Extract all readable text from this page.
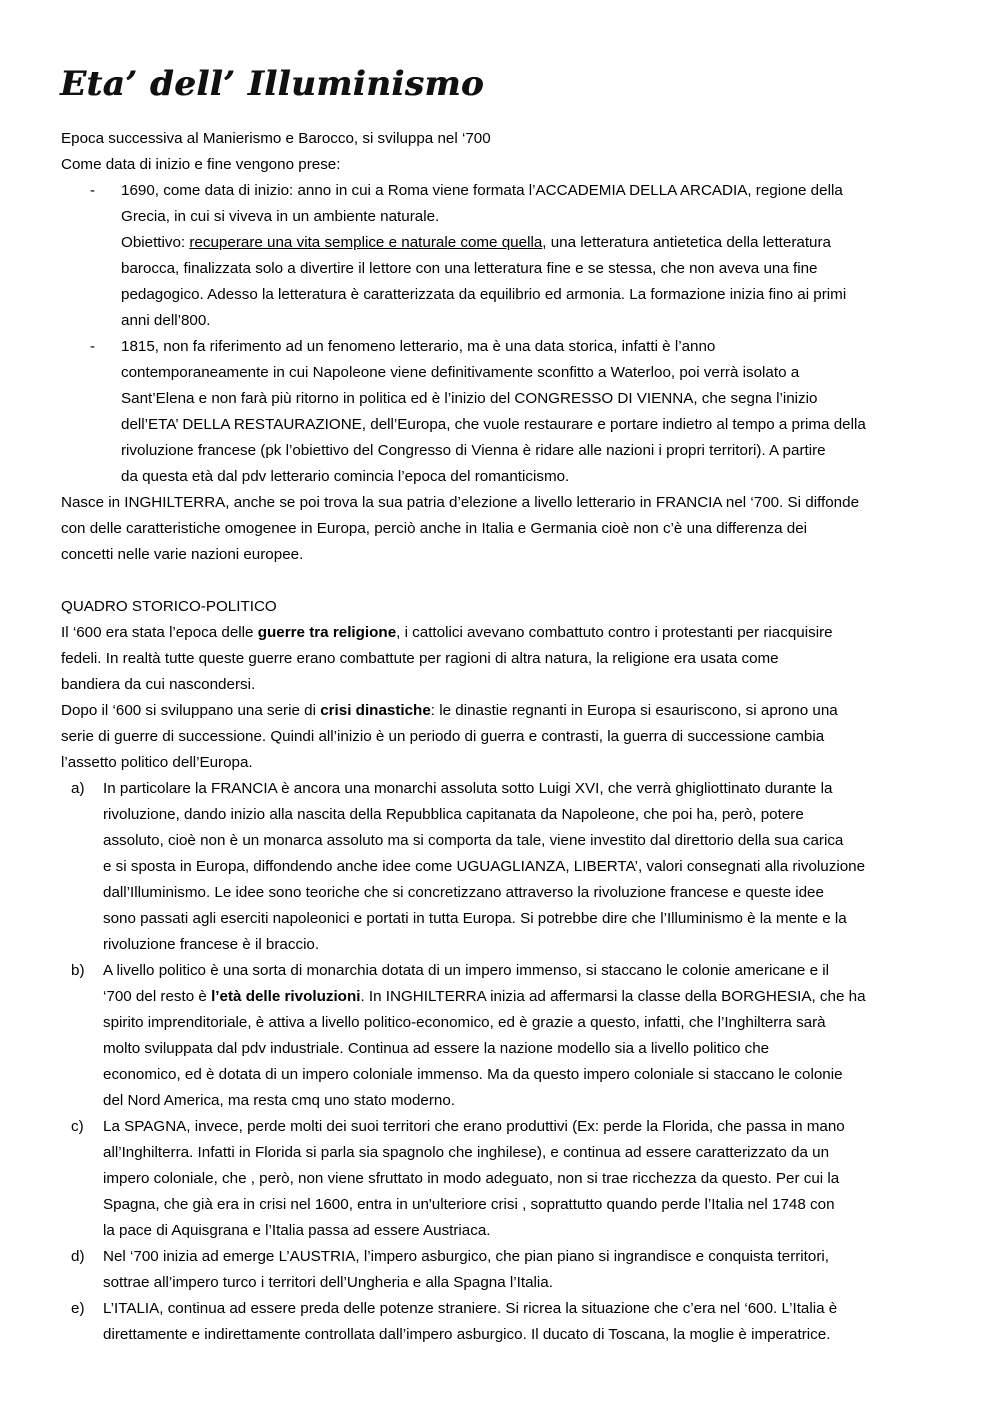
Eta’ dell’ Illuminismo

Epoca successiva al Manierismo e Barocco, si sviluppa nel ‘700

Come data di inizio e fine vengono prese:

- 1690, come data di inizio: anno in cui a Roma viene formata l’ACCADEMIA DELLA ARCADIA, regione della
Grecia, in cui si viveva in un ambiente naturale.
Obiettivo: recuperare una vita semplice e naturale come quella, una letteratura antietetica della letteratura
barocca, finalizzata solo a divertire il lettore con una letteratura fine e se stessa, che non aveva una fine
pedagogico. Adesso la letteratura è caratterizzata da equilibrio ed armonia. La formazione inizia fino ai primi
anni dell’800.
- 1815, non fa riferimento ad un fenomeno letterario, ma è una data storica, infatti è l’anno
contemporaneamente in cui Napoleone viene definitivamente sconfitto a Waterloo, poi verrà isolato a
Sant’Elena e non farà più ritorno in politica ed è l’inizio del CONGRESSO DI VIENNA, che segna l’inizio
dell’ETA’ DELLA RESTAURAZIONE, dell’Europa, che vuole restaurare e portare indietro al tempo a prima della
rivoluzione francese (pk l’obiettivo del Congresso di Vienna è ridare alle nazioni i propri territori). A partire
da questa età dal pdv letterario comincia l’epoca del romanticismo.

Nasce in INGHILTERRA, anche se poi trova la sua patria d’elezione a livello letterario in FRANCIA nel ‘700. Si diffonde

con delle caratteristiche omogenee in Europa, perciò anche in Italia e Germania cioè non c’è una differenza dei

concetti nelle varie nazioni europee.

QUADRO STORICO-POLITICO

Il ‘600 era stata l’epoca delle guerre tra religione, i cattolici avevano combattuto contro i protestanti per riacquisire

fedeli. In realtà tutte queste guerre erano combattute per ragioni di altra natura, la religione era usata come

bandiera da cui nascondersi.

Dopo il ‘600 si sviluppano una serie di crisi dinastiche: le dinastie regnanti in Europa si esauriscono, si aprono una

serie di guerre di successione. Quindi all’inizio è un periodo di guerra e contrasti, la guerra di successione cambia

l’assetto politico dell’Europa.

a) In particolare la FRANCIA è ancora una monarchi assoluta sotto Luigi XVI, che verrà ghigliottinato durante la
rivoluzione, dando inizio alla nascita della Repubblica capitanata da Napoleone, che poi ha, però, potere
assoluto, cioè non è un monarca assoluto ma si comporta da tale, viene investito dal direttorio della sua carica
e si sposta in Europa, diffondendo anche idee come UGUAGLIANZA, LIBERTA’, valori consegnati alla rivoluzione
dall’Illuminismo. Le idee sono teoriche che si concretizzano attraverso la rivoluzione francese e queste idee
sono passati agli eserciti napoleonici e portati in tutta Europa. Si potrebbe dire che l’Illuminismo è la mente e la
rivoluzione francese è il braccio.
b) A livello politico è una sorta di monarchia dotata di un impero immenso, si staccano le colonie americane e il
‘700 del resto è l’età delle rivoluzioni. In INGHILTERRA inizia ad affermarsi la classe della BORGHESIA, che ha
spirito imprenditoriale, è attiva a livello politico-economico, ed è grazie a questo, infatti, che l’Inghilterra sarà
molto sviluppata dal pdv industriale. Continua ad essere la nazione modello sia a livello politico che
economico, ed è dotata di un impero coloniale immenso. Ma da questo impero coloniale si staccano le colonie
del Nord America, ma resta cmq uno stato moderno.
c) La SPAGNA, invece, perde molti dei suoi territori che erano produttivi (Ex: perde la Florida, che passa in mano
all’Inghilterra. Infatti in Florida si parla sia spagnolo che inghilese), e continua ad essere caratterizzato da un
impero coloniale, che , però, non viene sfruttato in modo adeguato, non si trae ricchezza da questo. Per cui la
Spagna, che già era in crisi nel 1600, entra in un'ulteriore crisi , soprattutto quando perde l’Italia nel 1748 con
la pace di Aquisgrana e l’Italia passa ad essere Austriaca.
d) Nel ‘700 inizia ad emerge L’AUSTRIA, l’impero asburgico, che pian piano si ingrandisce e conquista territori,
sottrae all’impero turco i territori dell’Ungheria e alla Spagna l’Italia.
e) L’ITALIA, continua ad essere preda delle potenze straniere. Si ricrea la situazione che c’era nel ‘600. L’Italia è
direttamente e indirettamente controllata dall’impero asburgico. Il ducato di Toscana, la moglie è imperatrice.
